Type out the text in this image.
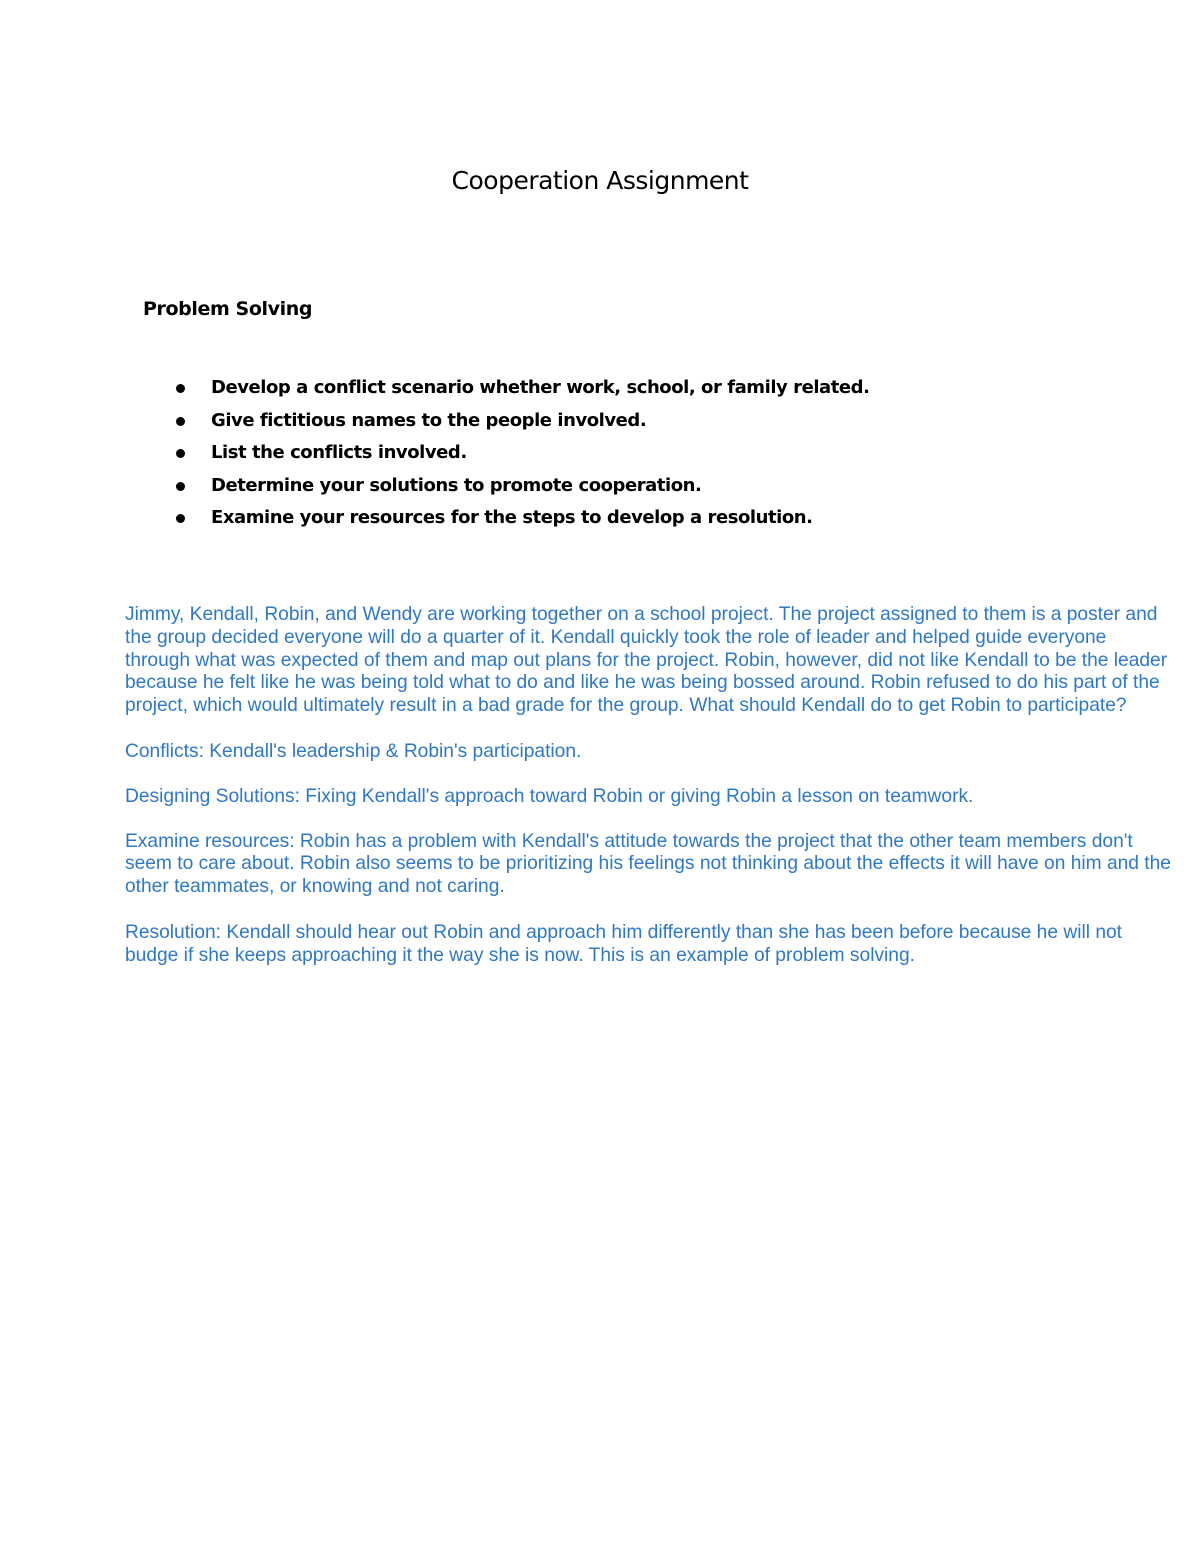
Cooperation Assignment
Problem Solving
Develop a conflict scenario whether work, school, or family related.
Give fictitious names to the people involved.
List the conflicts involved.
Determine your solutions to promote cooperation.
Examine your resources for the steps to develop a resolution.

Jimmy, Kendall, Robin, and Wendy are working together on a school project. The project assigned to them is a poster and the group decided everyone will do a quarter of it. Kendall quickly took the role of leader and helped guide everyone through what was expected of them and map out plans for the project. Robin, however, did not like Kendall to be the leader because he felt like he was being told what to do and like he was being bossed around. Robin refused to do his part of the project, which would ultimately result in a bad grade for the group. What should Kendall do to get Robin to participate?

Conflicts: Kendall's leadership & Robin's participation.

Designing Solutions: Fixing Kendall's approach toward Robin or giving Robin a lesson on teamwork.

Examine resources: Robin has a problem with Kendall's attitude towards the project that the other team members don't seem to care about. Robin also seems to be prioritizing his feelings not thinking about the effects it will have on him and the other teammates, or knowing and not caring.

Resolution: Kendall should hear out Robin and approach him differently than she has been before because he will not budge if she keeps approaching it the way she is now. This is an example of problem solving.
